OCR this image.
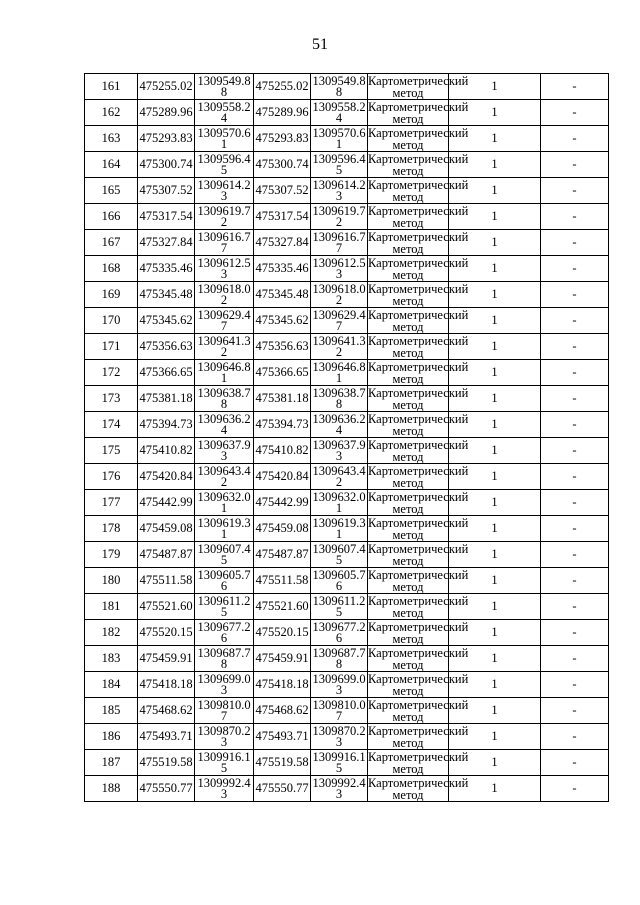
51
161	475255.02	1309549.88	475255.02	1309549.88	Картометрический метод	1	-
162	475289.96	1309558.24	475289.96	1309558.24	Картометрический метод	1	-
163	475293.83	1309570.61	475293.83	1309570.61	Картометрический метод	1	-
164	475300.74	1309596.45	475300.74	1309596.45	Картометрический метод	1	-
165	475307.52	1309614.23	475307.52	1309614.23	Картометрический метод	1	-
166	475317.54	1309619.72	475317.54	1309619.72	Картометрический метод	1	-
167	475327.84	1309616.77	475327.84	1309616.77	Картометрический метод	1	-
168	475335.46	1309612.53	475335.46	1309612.53	Картометрический метод	1	-
169	475345.48	1309618.02	475345.48	1309618.02	Картометрический метод	1	-
170	475345.62	1309629.47	475345.62	1309629.47	Картометрический метод	1	-
171	475356.63	1309641.32	475356.63	1309641.32	Картометрический метод	1	-
172	475366.65	1309646.81	475366.65	1309646.81	Картометрический метод	1	-
173	475381.18	1309638.78	475381.18	1309638.78	Картометрический метод	1	-
174	475394.73	1309636.24	475394.73	1309636.24	Картометрический метод	1	-
175	475410.82	1309637.93	475410.82	1309637.93	Картометрический метод	1	-
176	475420.84	1309643.42	475420.84	1309643.42	Картометрический метод	1	-
177	475442.99	1309632.01	475442.99	1309632.01	Картометрический метод	1	-
178	475459.08	1309619.31	475459.08	1309619.31	Картометрический метод	1	-
179	475487.87	1309607.45	475487.87	1309607.45	Картометрический метод	1	-
180	475511.58	1309605.76	475511.58	1309605.76	Картометрический метод	1	-
181	475521.60	1309611.25	475521.60	1309611.25	Картометрический метод	1	-
182	475520.15	1309677.26	475520.15	1309677.26	Картометрический метод	1	-
183	475459.91	1309687.78	475459.91	1309687.78	Картометрический метод	1	-
184	475418.18	1309699.03	475418.18	1309699.03	Картометрический метод	1	-
185	475468.62	1309810.07	475468.62	1309810.07	Картометрический метод	1	-
186	475493.71	1309870.23	475493.71	1309870.23	Картометрический метод	1	-
187	475519.58	1309916.15	475519.58	1309916.15	Картометрический метод	1	-
188	475550.77	1309992.43	475550.77	1309992.43	Картометрический метод	1	-
